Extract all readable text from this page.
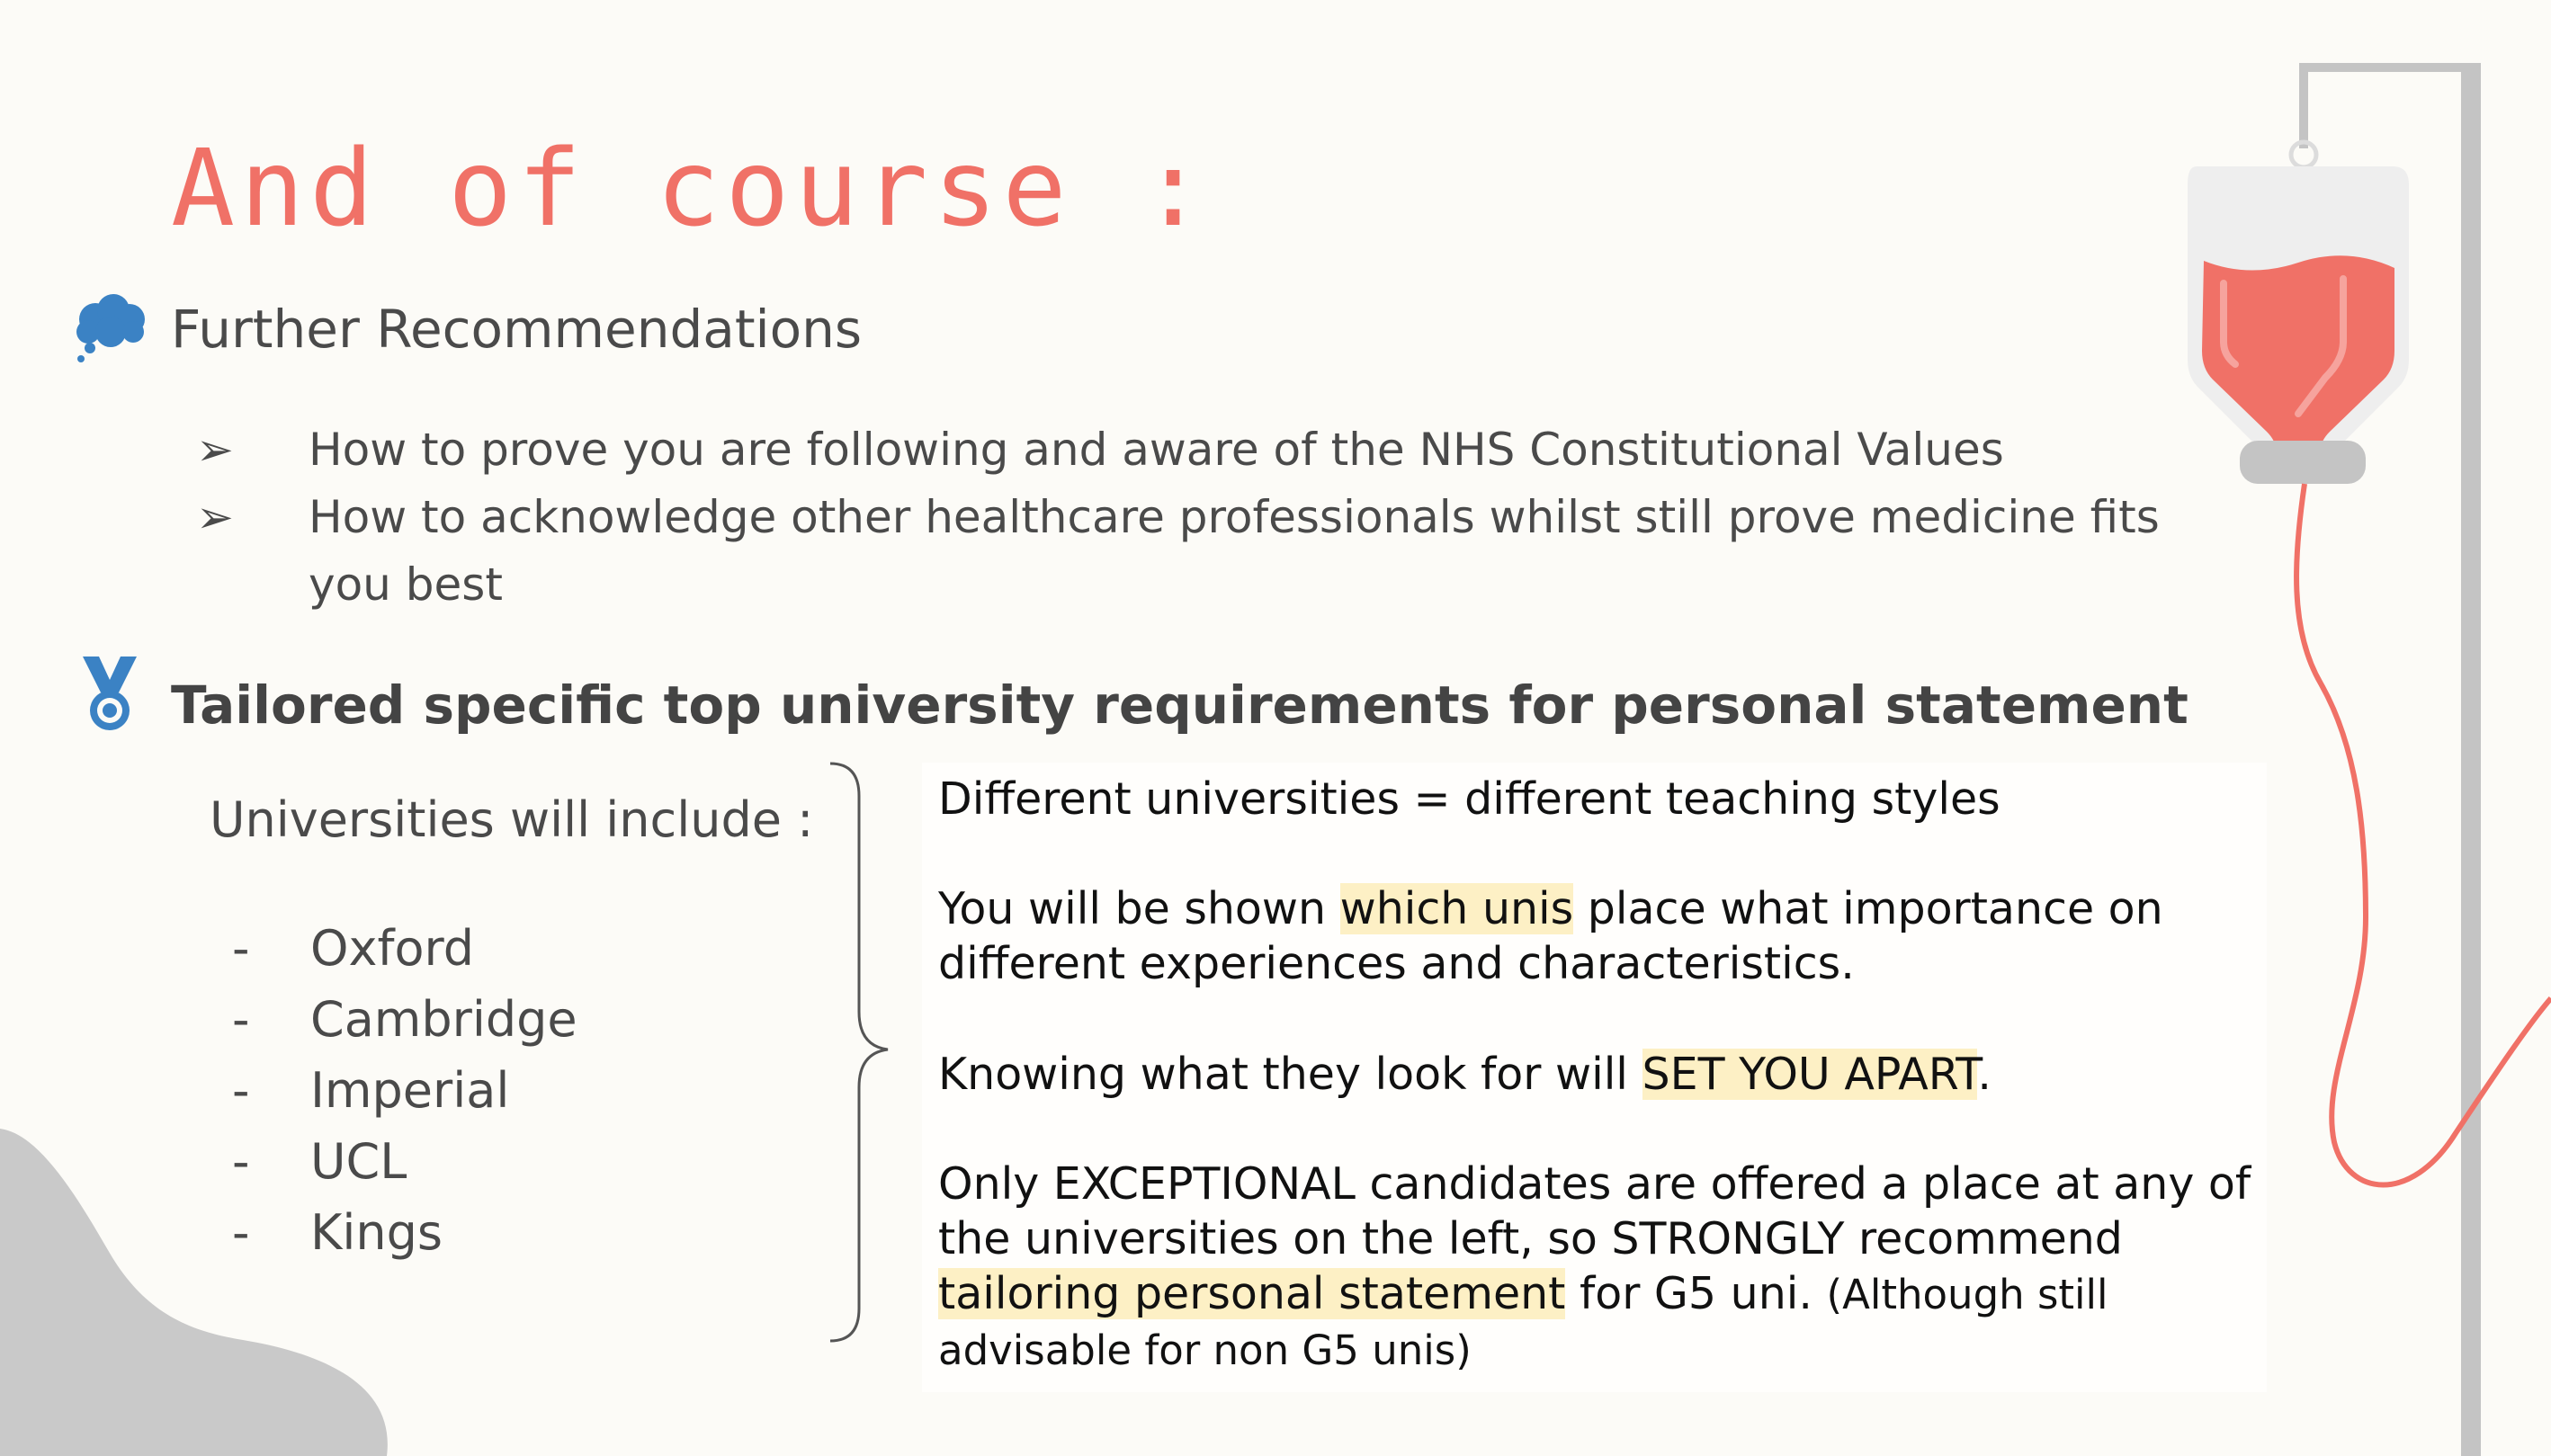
And of course :
Further Recommendations
➢	How to prove you are following and aware of the NHS Constitutional Values
➢	How to acknowledge other healthcare professionals whilst still prove medicine fits you best
Tailored specific top university requirements for personal statement
Universities will include :
-	Oxford
-	Cambridge
-	Imperial
-	UCL
-	Kings
Different universities = different teaching styles
You will be shown which unis place what importance on different experiences and characteristics.
Knowing what they look for will SET YOU APART.
Only EXCEPTIONAL candidates are offered a place at any of the universities on the left, so STRONGLY recommend tailoring personal statement for G5 uni. (Although still advisable for non G5 unis)
